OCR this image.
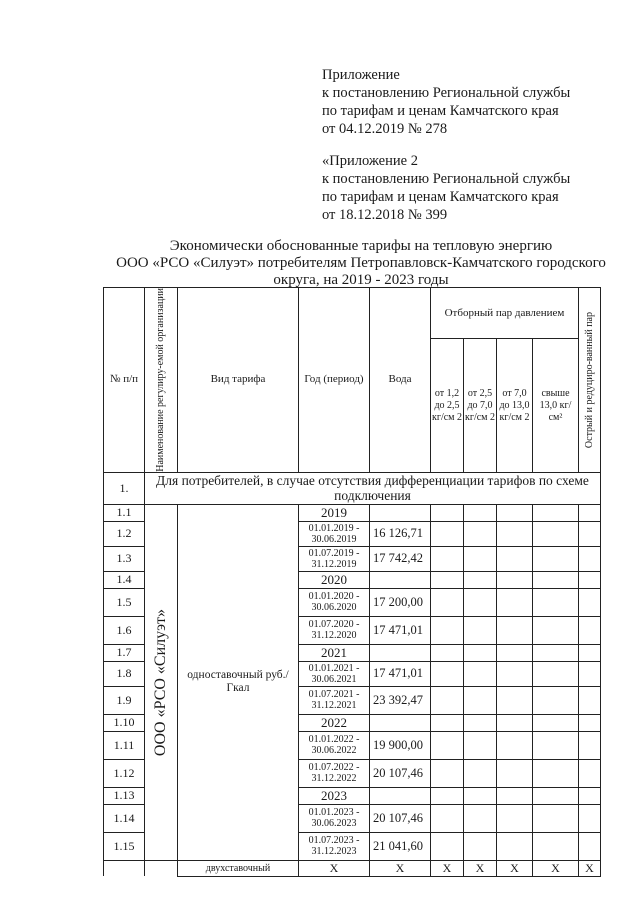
Приложение
к постановлению Региональной службы
по тарифам и ценам Камчатского края
от 04.12.2019 № 278
«Приложение 2
к постановлению Региональной службы
по тарифам и ценам Камчатского края
от 18.12.2018 № 399
Экономически обоснованные тарифы на тепловую энергию
ООО «РСО «Силуэт» потребителям Петропавловск-Камчатского городского
округа, на 2019 - 2023 годы
№ п/п	Наименование регулиру-емой организации	Вид тарифа	Год (период)	Вода	Отборный пар давлением				Острый и редуциро-ванный пар

					от 1,2 до 2,5 кг/см 2	от 2,5 до 7,0 кг/см 2	от 7,0 до 13,0 кг/см 2	свыше 13,0 кг/см²	
1.	Для потребителей, в случае отсутствия дифференциации тарифов по схеме подключения								
1.1	ООО «РСО «Силуэт»	одноставочный руб./Гкал	2019						
1.2			01.01.2019 - 30.06.2019	16 126,71					
1.3			01.07.2019 - 31.12.2019	17 742,42					
1.4			2020						
1.5			01.01.2020 - 30.06.2020	17 200,00					
1.6			01.07.2020 - 31.12.2020	17 471,01					
1.7			2021						
1.8			01.01.2021 - 30.06.2021	17 471,01					
1.9			01.07.2021 - 31.12.2021	23 392,47					
1.10			2022						
1.11			01.01.2022 - 30.06.2022	19 900,00					
1.12			01.07.2022 - 31.12.2022	20 107,46					
1.13			2023						
1.14			01.01.2023 - 30.06.2023	20 107,46					
1.15			01.07.2023 - 31.12.2023	21 041,60					
		двухставочный	X	X	X	X	X	X	X
